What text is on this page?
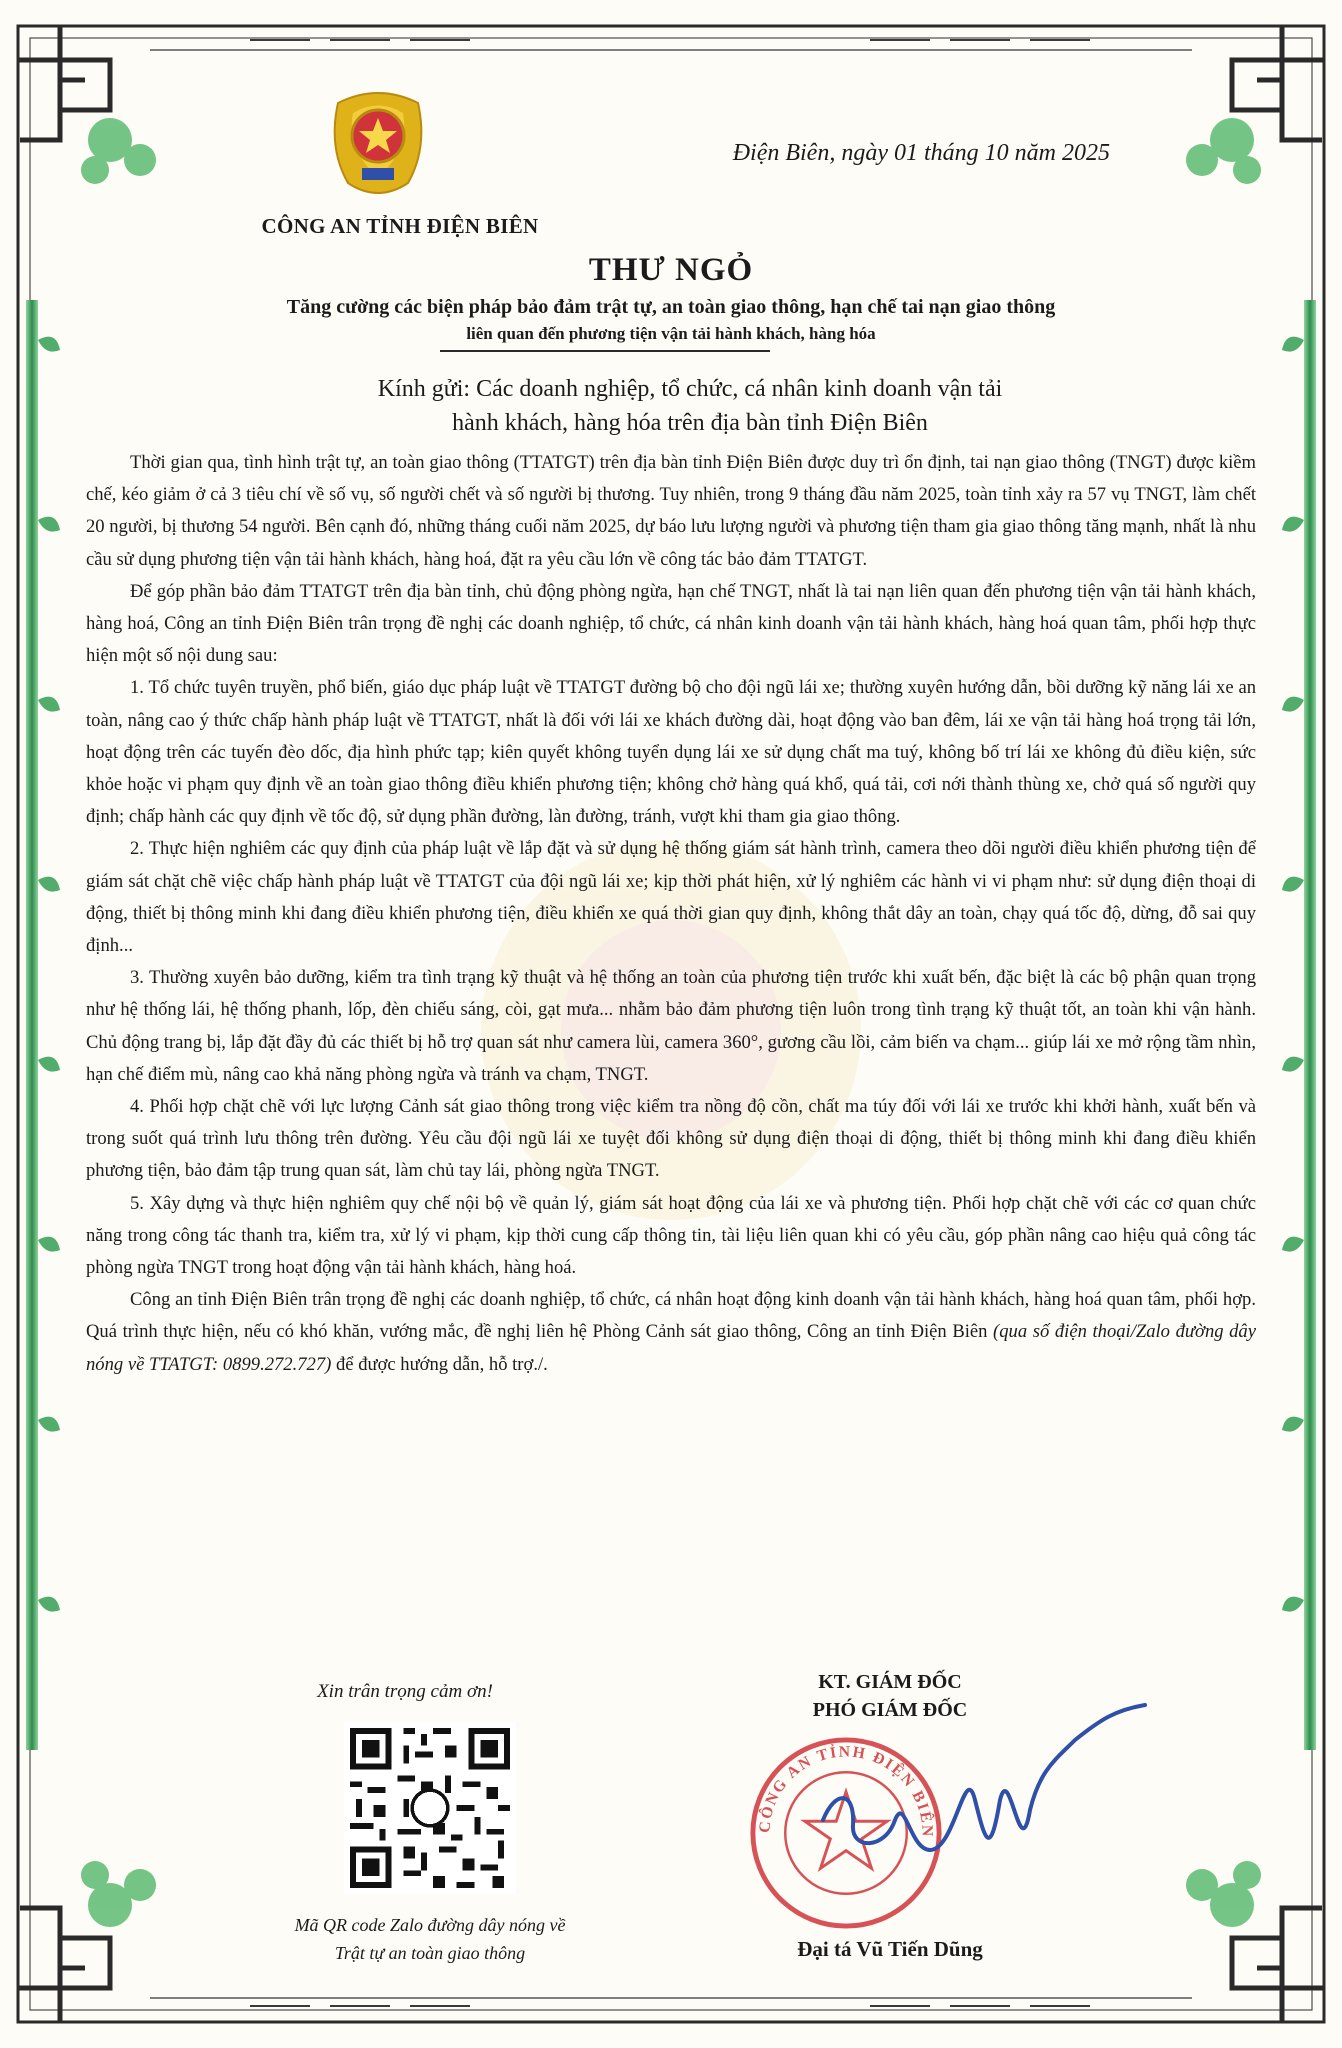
CÔNG AN TỈNH ĐIỆN BIÊN
Điện Biên, ngày 01 tháng 10 năm 2025
THƯ NGỎ
Tăng cường các biện pháp bảo đảm trật tự, an toàn giao thông, hạn chế tai nạn giao thông
liên quan đến phương tiện vận tải hành khách, hàng hóa
Kính gửi: Các doanh nghiệp, tổ chức, cá nhân kinh doanh vận tải
hành khách, hàng hóa trên địa bàn tỉnh Điện Biên

Thời gian qua, tình hình trật tự, an toàn giao thông (TTATGT) trên địa bàn tỉnh Điện Biên được duy trì ổn định, tai nạn giao thông (TNGT) được kiềm chế, kéo giảm ở cả 3 tiêu chí về số vụ, số người chết và số người bị thương. Tuy nhiên, trong 9 tháng đầu năm 2025, toàn tỉnh xảy ra 57 vụ TNGT, làm chết 20 người, bị thương 54 người. Bên cạnh đó, những tháng cuối năm 2025, dự báo lưu lượng người và phương tiện tham gia giao thông tăng mạnh, nhất là nhu cầu sử dụng phương tiện vận tải hành khách, hàng hoá, đặt ra yêu cầu lớn về công tác bảo đảm TTATGT.

Để góp phần bảo đảm TTATGT trên địa bàn tỉnh, chủ động phòng ngừa, hạn chế TNGT, nhất là tai nạn liên quan đến phương tiện vận tải hành khách, hàng hoá, Công an tỉnh Điện Biên trân trọng đề nghị các doanh nghiệp, tổ chức, cá nhân kinh doanh vận tải hành khách, hàng hoá quan tâm, phối hợp thực hiện một số nội dung sau:

1. Tổ chức tuyên truyền, phổ biến, giáo dục pháp luật về TTATGT đường bộ cho đội ngũ lái xe; thường xuyên hướng dẫn, bồi dưỡng kỹ năng lái xe an toàn, nâng cao ý thức chấp hành pháp luật về TTATGT, nhất là đối với lái xe khách đường dài, hoạt động vào ban đêm, lái xe vận tải hàng hoá trọng tải lớn, hoạt động trên các tuyến đèo dốc, địa hình phức tạp; kiên quyết không tuyển dụng lái xe sử dụng chất ma tuý, không bố trí lái xe không đủ điều kiện, sức khỏe hoặc vi phạm quy định về an toàn giao thông điều khiển phương tiện; không chở hàng quá khổ, quá tải, cơi nới thành thùng xe, chở quá số người quy định; chấp hành các quy định về tốc độ, sử dụng phần đường, làn đường, tránh, vượt khi tham gia giao thông.

2. Thực hiện nghiêm các quy định của pháp luật về lắp đặt và sử dụng hệ thống giám sát hành trình, camera theo dõi người điều khiển phương tiện để giám sát chặt chẽ việc chấp hành pháp luật về TTATGT của đội ngũ lái xe; kịp thời phát hiện, xử lý nghiêm các hành vi vi phạm như: sử dụng điện thoại di động, thiết bị thông minh khi đang điều khiển phương tiện, điều khiển xe quá thời gian quy định, không thắt dây an toàn, chạy quá tốc độ, dừng, đỗ sai quy định...

3. Thường xuyên bảo dưỡng, kiểm tra tình trạng kỹ thuật và hệ thống an toàn của phương tiện trước khi xuất bến, đặc biệt là các bộ phận quan trọng như hệ thống lái, hệ thống phanh, lốp, đèn chiếu sáng, còi, gạt mưa... nhằm bảo đảm phương tiện luôn trong tình trạng kỹ thuật tốt, an toàn khi vận hành. Chủ động trang bị, lắp đặt đầy đủ các thiết bị hỗ trợ quan sát như camera lùi, camera 360°, gương cầu lồi, cảm biến va chạm... giúp lái xe mở rộng tầm nhìn, hạn chế điểm mù, nâng cao khả năng phòng ngừa và tránh va chạm, TNGT.

4. Phối hợp chặt chẽ với lực lượng Cảnh sát giao thông trong việc kiểm tra nồng độ cồn, chất ma túy đối với lái xe trước khi khởi hành, xuất bến và trong suốt quá trình lưu thông trên đường. Yêu cầu đội ngũ lái xe tuyệt đối không sử dụng điện thoại di động, thiết bị thông minh khi đang điều khiển phương tiện, bảo đảm tập trung quan sát, làm chủ tay lái, phòng ngừa TNGT.

5. Xây dựng và thực hiện nghiêm quy chế nội bộ về quản lý, giám sát hoạt động của lái xe và phương tiện. Phối hợp chặt chẽ với các cơ quan chức năng trong công tác thanh tra, kiểm tra, xử lý vi phạm, kịp thời cung cấp thông tin, tài liệu liên quan khi có yêu cầu, góp phần nâng cao hiệu quả công tác phòng ngừa TNGT trong hoạt động vận tải hành khách, hàng hoá.

Công an tỉnh Điện Biên trân trọng đề nghị các doanh nghiệp, tổ chức, cá nhân hoạt động kinh doanh vận tải hành khách, hàng hoá quan tâm, phối hợp. Quá trình thực hiện, nếu có khó khăn, vướng mắc, đề nghị liên hệ Phòng Cảnh sát giao thông, Công an tỉnh Điện Biên (qua số điện thoại/Zalo đường dây nóng về TTATGT: 0899.272.727) để được hướng dẫn, hỗ trợ./.

Xin trân trọng cảm ơn!	KT. GIÁM ĐỐC
PHÓ GIÁM ĐỐC
Mã QR code Zalo đường dây nóng về
Trật tự an toàn giao thông
CÔNG AN TỈNH ĐIỆN BIÊN
Đại tá Vũ Tiến Dũng
